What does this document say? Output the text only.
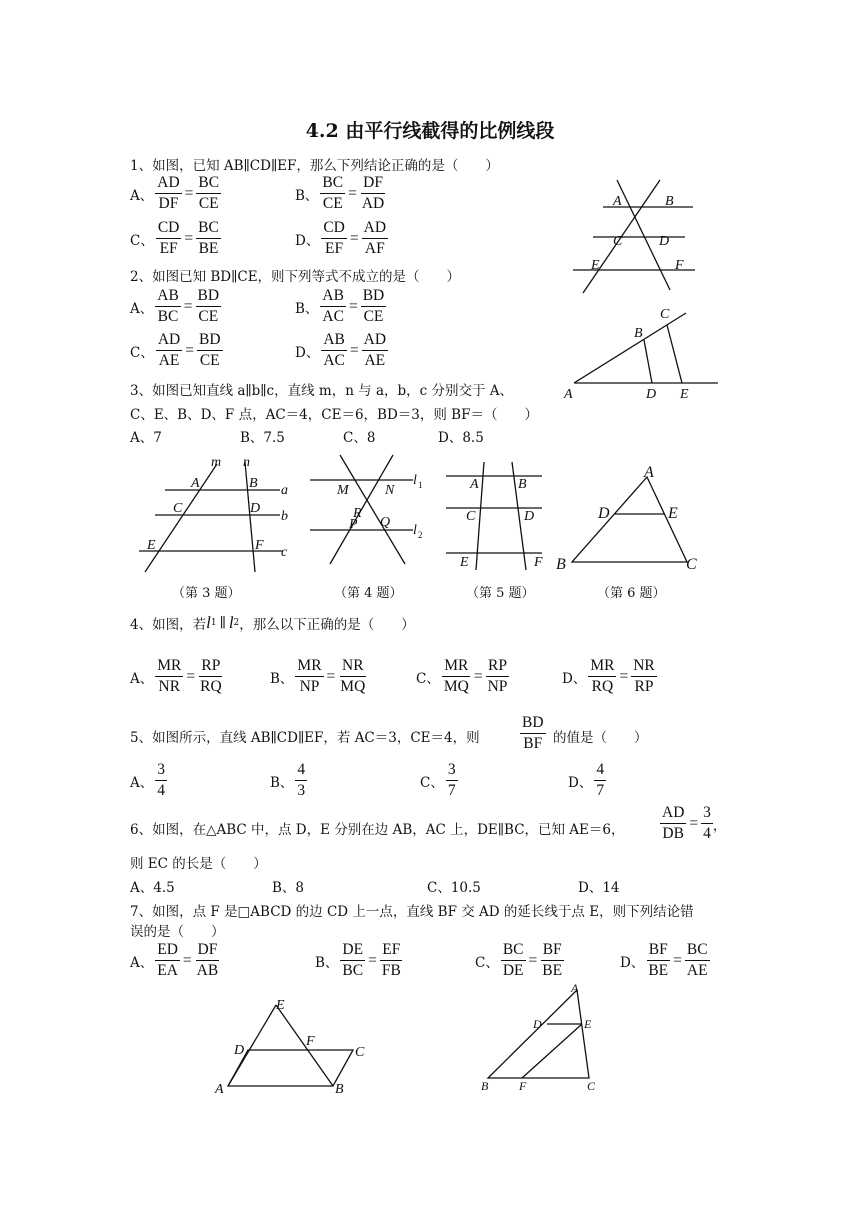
4.2 由平行线截得的比例线段
1、如图，已知 AB∥CD∥EF，那么下列结论正确的是（　　）
A、 $\frac{AD}{DF} = \frac{BC}{CE}$	B、 $\frac{BC}{CE} = \frac{DF}{AD}$
C、 $\frac{CD}{EF} = \frac{BC}{BE}$	D、 $\frac{CD}{EF} = \frac{AD}{AF}$
2、如图已知 BD∥CE，则下列等式不成立的是（　　）
A、 $\frac{AB}{BC} = \frac{BD}{CE}$	B、 $\frac{AB}{AC} = \frac{BD}{CE}$
C、 $\frac{AD}{AE} = \frac{BD}{CE}$	D、 $\frac{AB}{AC} = \frac{AD}{AE}$
3、如图已知直线 a∥b∥c，直线 m，n 与 a，b，c 分别交于 A、
C、E、B、D、F 点，AC＝4，CE＝6，BD＝3，则 BF＝（　　）
A、7	B、7.5	C、8	D、8.5
A	B
C	D
E	F
B
C
A	D E
m n
A	B a
C	D
b
E	F c
M	N
l 1
R
P Q
l 2
A	B
C	D
E	F
A
D	E
B	C
（第 3 题）	（第 4 题）	（第 5 题）	（第 6 题）
4、如图，若 l 1 ∥ l 2 ，那么以下正确的是（　　）
A、 $\frac{MR}{NR} = \frac{RP}{RQ}$	B、 $\frac{MR}{NP} = \frac{NR}{MQ}$	C、 $\frac{MR}{MQ} = \frac{RP}{NP}$	D、 $\frac{MR}{RQ} = \frac{NR}{RP}$
5、如图所示，直线 AB∥CD∥EF，若 AC＝3，CE＝4，则	$\frac{BD}{BF}$ 的值是（　　）
A、 $\frac{3}{4}$	B、 $\frac{4}{3}$	C、 $\frac{3}{7}$	D、 $\frac{4}{7}$
6、如图，在△ABC 中，点 D，E 分别在边 AB，AC 上，DE∥BC，已知 AE＝6， $\frac{AD}{DB} = \frac{3}{4}$ ，
则 EC 的长是（　　）
A、4.5	B、8	C、10.5	D、14
7、如图，点 F 是□ABCD 的边 CD 上一点，直线 BF 交 AD 的延长线于点 E，则下列结论错
误的是（　　）
A、 $\frac{ED}{EA} = \frac{DF}{AB}$	B、 $\frac{DE}{BC} = \frac{EF}{FB}$	C、 $\frac{BC}{DE} = \frac{BF}{BE}$	D、 $\frac{BF}{BE} = \frac{BC}{AE}$
E
D
F
C
A	B
A
D	E
B	F	C
